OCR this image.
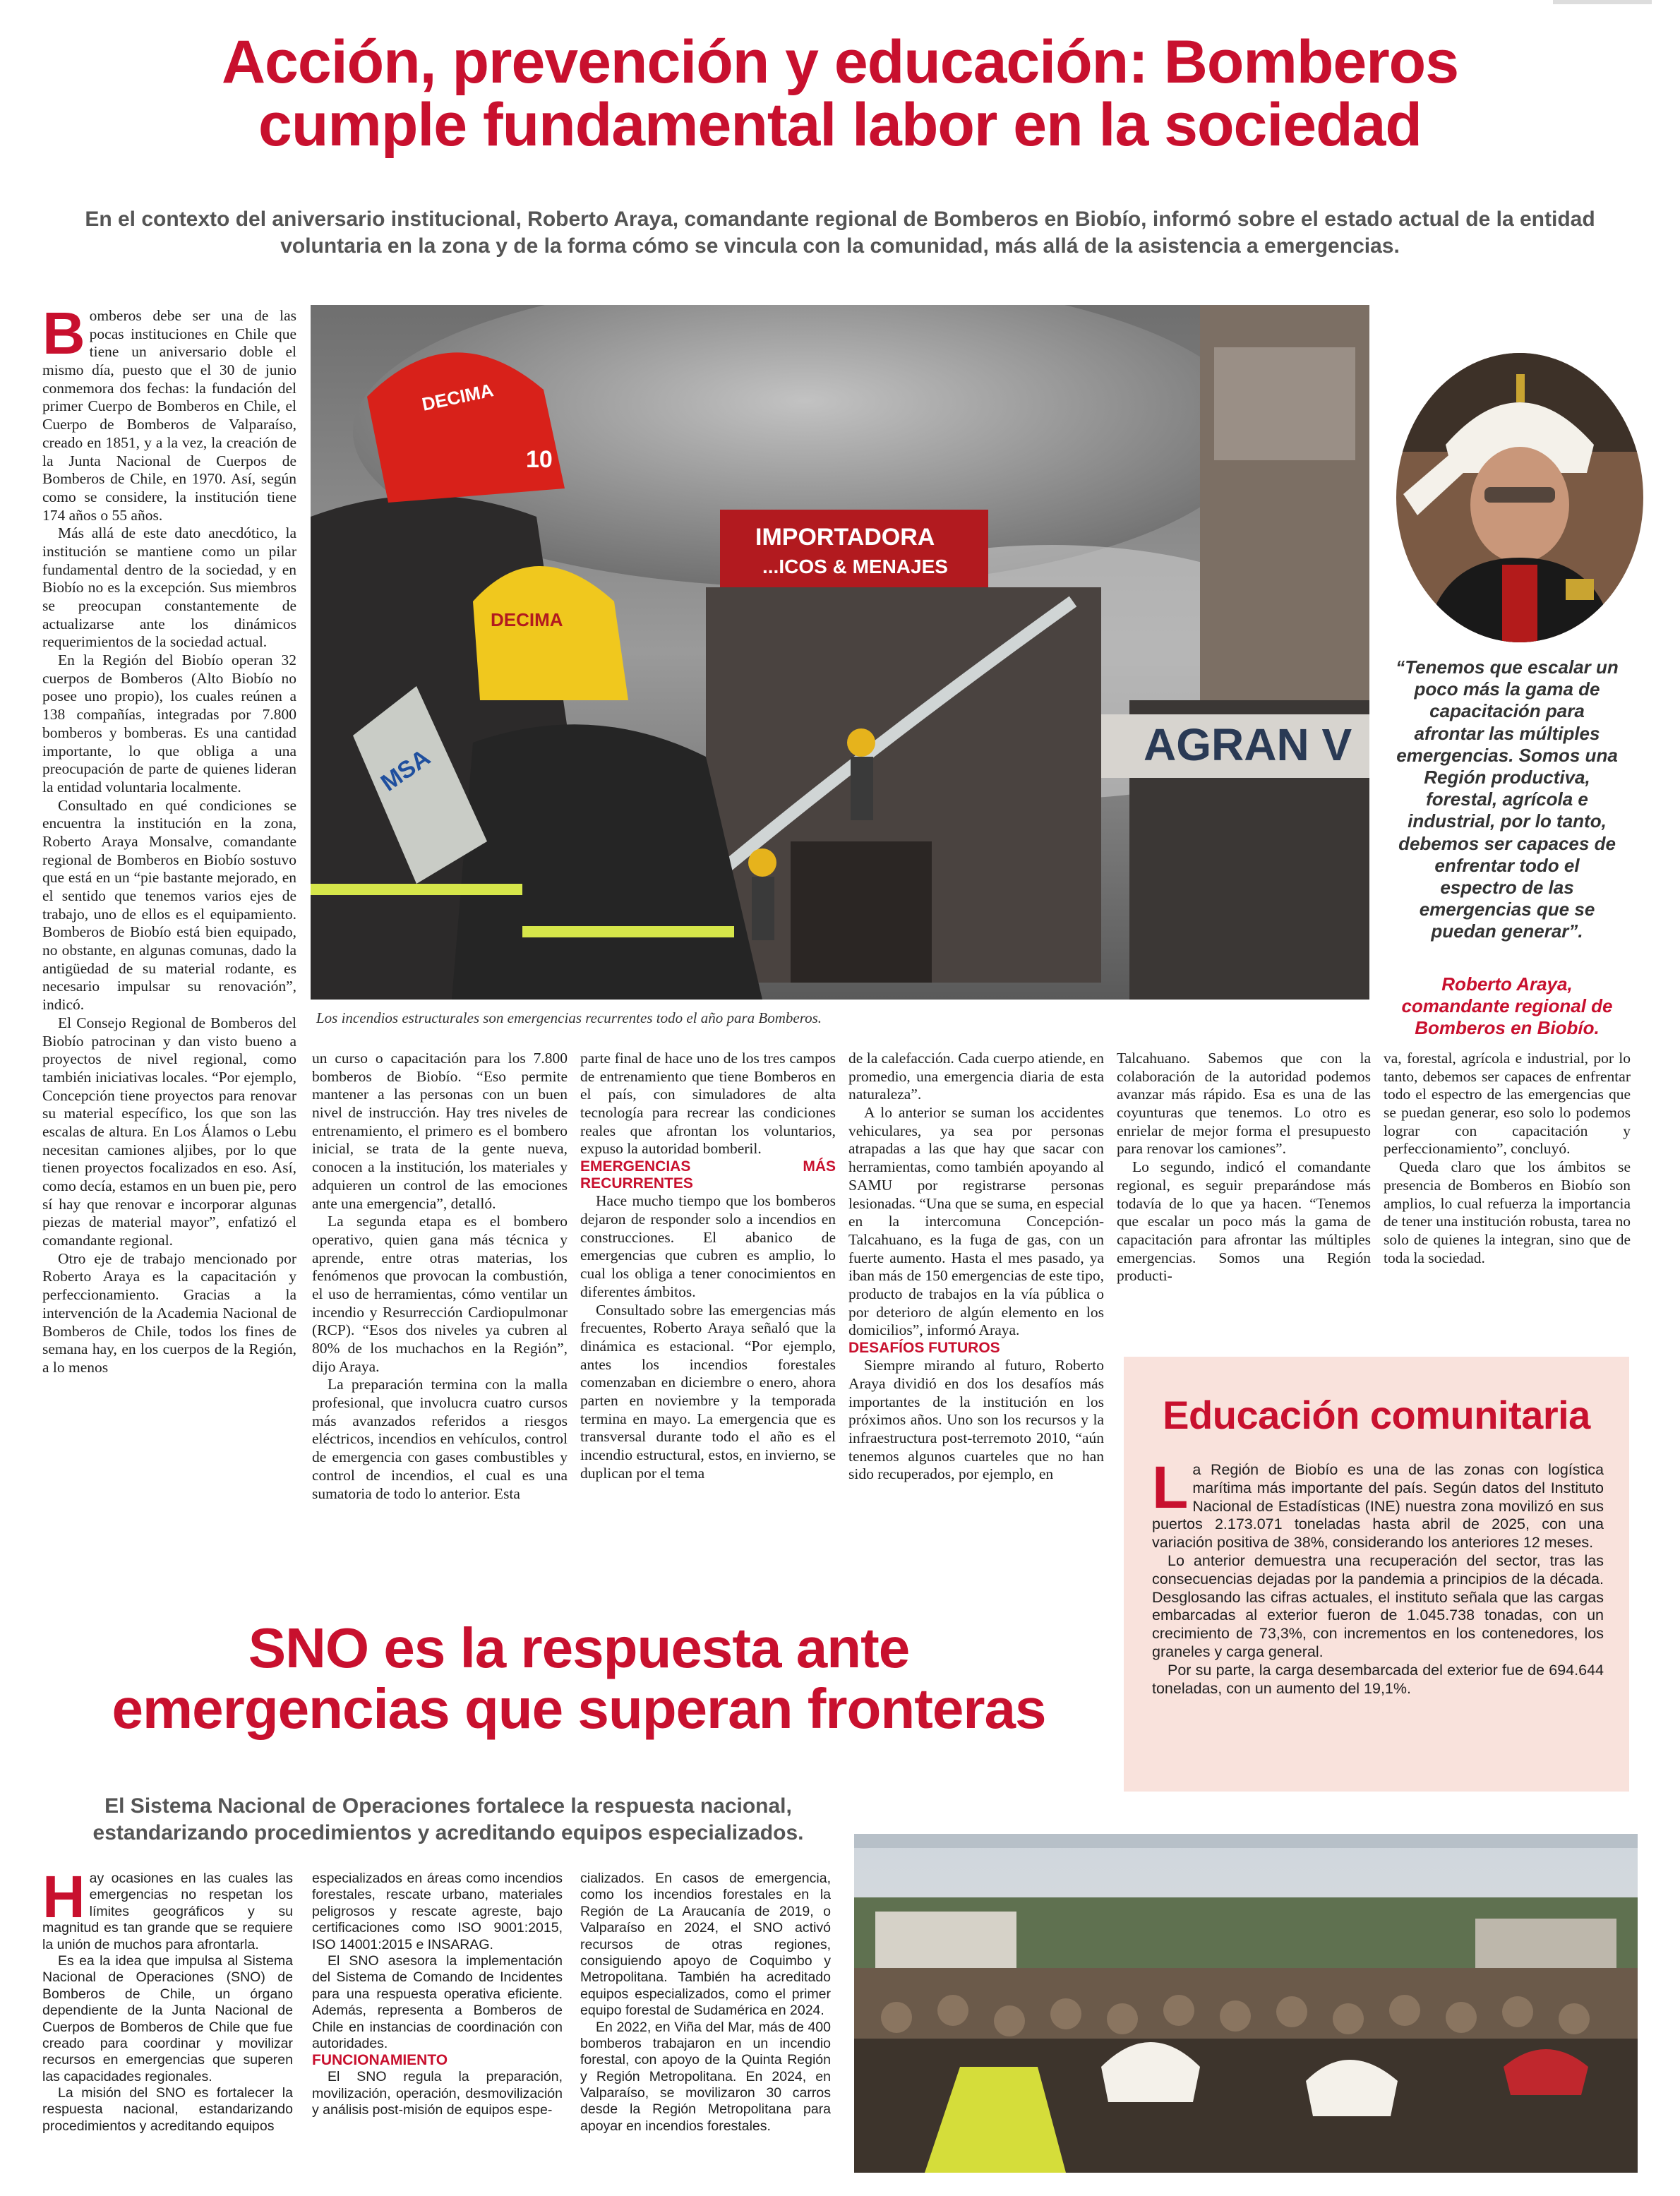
Acción, prevención y educación: Bomberos
cumple fundamental labor en la sociedad
En el contexto del aniversario institucional, Roberto Araya, comandante regional de Bomberos en Biobío, informó sobre el estado actual de la entidad
voluntaria en la zona y de la forma cómo se vincula con la comunidad, más allá de la asistencia a emergencias.
B omberos debe ser una de las pocas instituciones en Chile que tiene un aniversario doble el mismo día, puesto que el 30 de junio conmemora dos fechas: la fundación del primer Cuerpo de Bomberos en Chile, el Cuerpo de Bomberos de Valparaíso, creado en 1851, y a la vez, la creación de la Junta Nacional de Cuerpos de Bomberos de Chile, en 1970. Así, según como se considere, la institución tiene 174 años o 55 años.

Más allá de este dato anecdótico, la institución se mantiene como un pilar fundamental dentro de la sociedad, y en Biobío no es la excepción. Sus miembros se preocupan constantemente de actualizarse ante los dinámicos requerimientos de la sociedad actual.

En la Región del Biobío operan 32 cuerpos de Bomberos (Alto Biobío no posee uno propio), los cuales reúnen a 138 compañías, integradas por 7.800 bomberos y bomberas. Es una cantidad importante, lo que obliga a una preocupación de parte de quienes lideran la entidad voluntaria localmente.

Consultado en qué condiciones se encuentra la institución en la zona, Roberto Araya Monsalve, comandante regional de Bomberos en Biobío sostuvo que está en un “pie bastante mejorado, en el sentido que tenemos varios ejes de trabajo, uno de ellos es el equipamiento. Bomberos de Biobío está bien equipado, no obstante, en algunas comunas, dado la antigüedad de su material rodante, es necesario impulsar su renovación”, indicó.

El Consejo Regional de Bomberos del Biobío patrocinan y dan visto bueno a proyectos de nivel regional, como también iniciativas locales. “Por ejemplo, Concepción tiene proyectos para renovar su material específico, los que son las escalas de altura. En Los Álamos o Lebu necesitan camiones aljibes, por lo que tienen proyectos focalizados en eso. Así, como decía, estamos en un buen pie, pero sí hay que renovar e incorporar algunas piezas de material mayor”, enfatizó el comandante regional.

Otro eje de trabajo mencionado por Roberto Araya es la capacitación y perfeccionamiento. Gracias a la intervención de la Academia Nacional de Bomberos de Chile, todos los fines de semana hay, en los cuerpos de la Región, a lo menos

AGRAN V
IMPORTADORA
...ICOS & MENAJES
DECIMA
10
DECIMA
MSA
Los incendios estructurales son emergencias recurrentes todo el año para Bomberos.
“Tenemos que escalar un poco más la gama de capacitación para afrontar las múltiples emergencias. Somos una Región productiva, forestal, agrícola e industrial, por lo tanto, debemos ser capaces de enfrentar todo el espectro de las emergencias que se puedan generar”.
Roberto Araya,
comandante regional de Bomberos en Biobío.

un curso o capacitación para los 7.800 bomberos de Biobío. “Eso permite mantener a las personas con un buen nivel de instrucción. Hay tres niveles de entrenamiento, el primero es el bombero inicial, se trata de la gente nueva, conocen a la institución, los materiales y adquieren un control de las emociones ante una emergencia”, detalló.

La segunda etapa es el bombero operativo, quien gana más técnica y aprende, entre otras materias, los fenómenos que provocan la combustión, el uso de herramientas, cómo ventilar un incendio y Resurrección Cardiopulmonar (RCP). “Esos dos niveles ya cubren al 80% de los muchachos en la Región”, dijo Araya.

La preparación termina con la malla profesional, que involucra cuatro cursos más avanzados referidos a riesgos eléctricos, incendios en vehículos, control de emergencia con gases combustibles y control de incendios, el cual es una sumatoria de todo lo anterior. Esta

parte final de hace uno de los tres campos de entrenamiento que tiene Bomberos en el país, con simuladores de alta tecnología para recrear las condiciones reales que afrontan los voluntarios, expuso la autoridad bomberil.

EMERGENCIAS MÁS RECURRENTES

Hace mucho tiempo que los bomberos dejaron de responder solo a incendios en construcciones. El abanico de emergencias que cubren es amplio, lo cual los obliga a tener conocimientos en diferentes ámbitos.

Consultado sobre las emergencias más frecuentes, Roberto Araya señaló que la dinámica es estacional. “Por ejemplo, antes los incendios forestales comenzaban en diciembre o enero, ahora parten en noviembre y la temporada termina en mayo. La emergencia que es transversal durante todo el año es el incendio estructural, estos, en invierno, se duplican por el tema

de la calefacción. Cada cuerpo atiende, en promedio, una emergencia diaria de esta naturaleza”.

A lo anterior se suman los accidentes vehiculares, ya sea por personas atrapadas a las que hay que sacar con herramientas, como también apoyando al SAMU por registrarse personas lesionadas. “Una que se suma, en especial en la intercomuna Concepción-Talcahuano, es la fuga de gas, con un fuerte aumento. Hasta el mes pasado, ya iban más de 150 emergencias de este tipo, producto de trabajos en la vía pública o por deterioro de algún elemento en los domicilios”, informó Araya.

DESAFÍOS FUTUROS

Siempre mirando al futuro, Roberto Araya dividió en dos los desafíos más importantes de la institución en los próximos años. Uno son los recursos y la infraestructura post-terremoto 2010, “aún tenemos algunos cuarteles que no han sido recuperados, por ejemplo, en

Talcahuano. Sabemos que con la colaboración de la autoridad podemos avanzar más rápido. Esa es una de las coyunturas que tenemos. Lo otro es enrielar de mejor forma el presupuesto para renovar los camiones”.

Lo segundo, indicó el comandante regional, es seguir preparándose más todavía de lo que ya hacen. “Tenemos que escalar un poco más la gama de capacitación para afrontar las múltiples emergencias. Somos una Región producti-

va, forestal, agrícola e industrial, por lo tanto, debemos ser capaces de enfrentar todo el espectro de las emergencias que se puedan generar, eso solo lo podemos lograr con capacitación y perfeccionamiento”, concluyó.

Queda claro que los ámbitos se presencia de Bomberos en Biobío son amplios, lo cual refuerza la importancia de tener una institución robusta, tarea no solo de quienes la integran, sino que de toda la sociedad.

Educación comunitaria
L a Región de Biobío es una de las zonas con logística marítima más importante del país. Según datos del Instituto Nacional de Estadísticas (INE) nuestra zona movilizó en sus puertos 2.173.071 toneladas hasta abril de 2025, con una variación positiva de 38%, considerando los anteriores 12 meses.

Lo anterior demuestra una recuperación del sector, tras las consecuencias dejadas por la pandemia a principios de la década. Desglosando las cifras actuales, el instituto señala que las cargas embarcadas al exterior fueron de 1.045.738 tonadas, con un crecimiento de 73,3%, con incrementos en los contenedores, los graneles y carga general.

Por su parte, la carga desembarcada del exterior fue de 694.644 toneladas, con un aumento del 19,1%.

SNO es la respuesta ante
emergencias que superan fronteras
El Sistema Nacional de Operaciones fortalece la respuesta nacional,
estandarizando procedimientos y acreditando equipos especializados.
H ay ocasiones en las cuales las emergencias no respetan los límites geográficos y su magnitud es tan grande que se requiere la unión de muchos para afrontarla.

Es ea la idea que impulsa al Sistema Nacional de Operaciones (SNO) de Bomberos de Chile, un órgano dependiente de la Junta Nacional de Cuerpos de Bomberos de Chile que fue creado para coordinar y movilizar recursos en emergencias que superen las capacidades regionales.

La misión del SNO es fortalecer la respuesta nacional, estandarizando procedimientos y acreditando equipos

especializados en áreas como incendios forestales, rescate urbano, materiales peligrosos y rescate agreste, bajo certificaciones como ISO 9001:2015, ISO 14001:2015 e INSARAG.

El SNO asesora la implementación del Sistema de Comando de Incidentes para una respuesta operativa eficiente. Además, representa a Bomberos de Chile en instancias de coordinación con autoridades.

FUNCIONAMIENTO

El SNO regula la preparación, movilización, operación, desmovilización y análisis post-misión de equipos espe-

cializados. En casos de emergencia, como los incendios forestales en la Región de La Araucanía de 2019, o Valparaíso en 2024, el SNO activó recursos de otras regiones, consiguiendo apoyo de Coquimbo y Metropolitana. También ha acreditado equipos especializados, como el primer equipo forestal de Sudamérica en 2024.

En 2022, en Viña del Mar, más de 400 bomberos trabajaron en un incendio forestal, con apoyo de la Quinta Región y Región Metropolitana. En 2024, en Valparaíso, se movilizaron 30 carros desde la Región Metropolitana para apoyar en incendios forestales.
